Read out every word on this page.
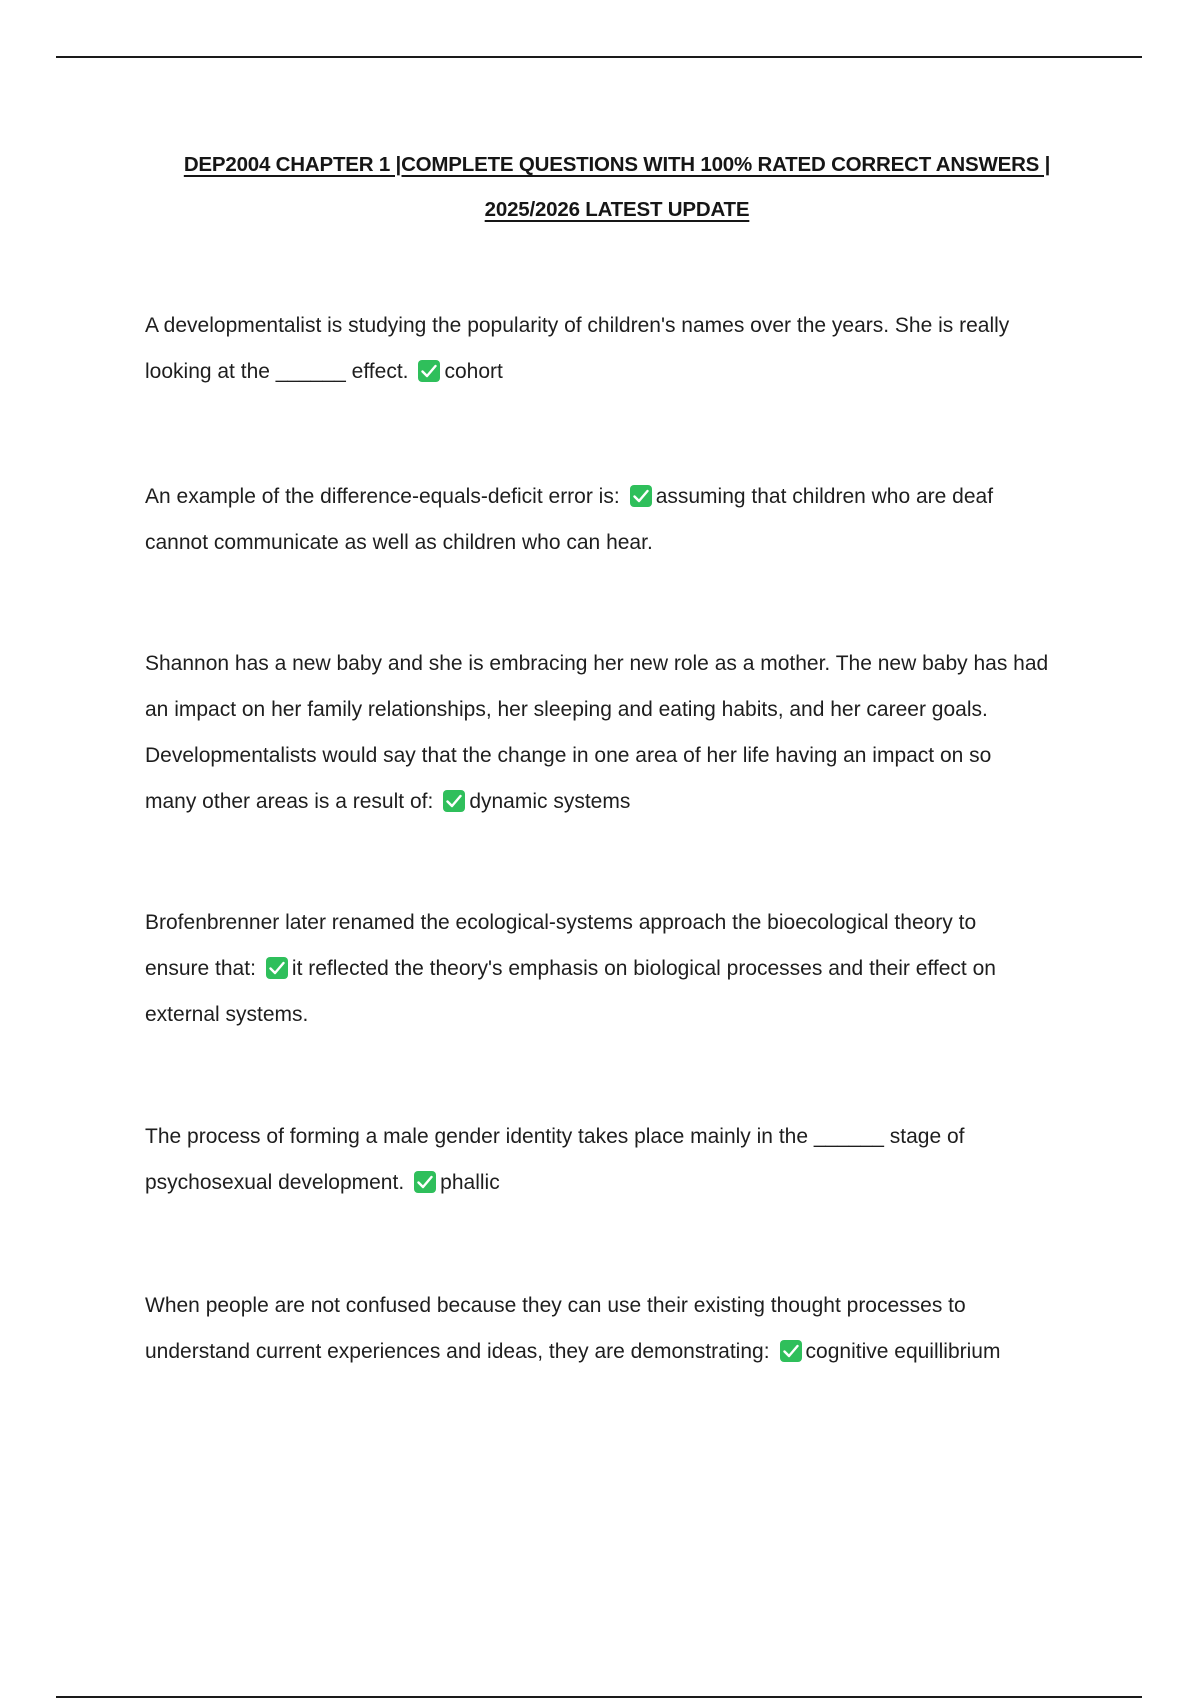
DEP2004 CHAPTER 1 |COMPLETE QUESTIONS WITH 100% RATED CORRECT ANSWERS |
2025/2026 LATEST UPDATE

A developmentalist is studying the popularity of children's names over the years. She is really

looking at the ______ effect. cohort

An example of the difference-equals-deficit error is: assuming that children who are deaf

cannot communicate as well as children who can hear.

Shannon has a new baby and she is embracing her new role as a mother. The new baby has had

an impact on her family relationships, her sleeping and eating habits, and her career goals.

Developmentalists would say that the change in one area of her life having an impact on so

many other areas is a result of: dynamic systems

Brofenbrenner later renamed the ecological-systems approach the bioecological theory to

ensure that: it reflected the theory's emphasis on biological processes and their effect on

external systems.

The process of forming a male gender identity takes place mainly in the ______ stage of

psychosexual development. phallic

When people are not confused because they can use their existing thought processes to

understand current experiences and ideas, they are demonstrating: cognitive equillibrium
